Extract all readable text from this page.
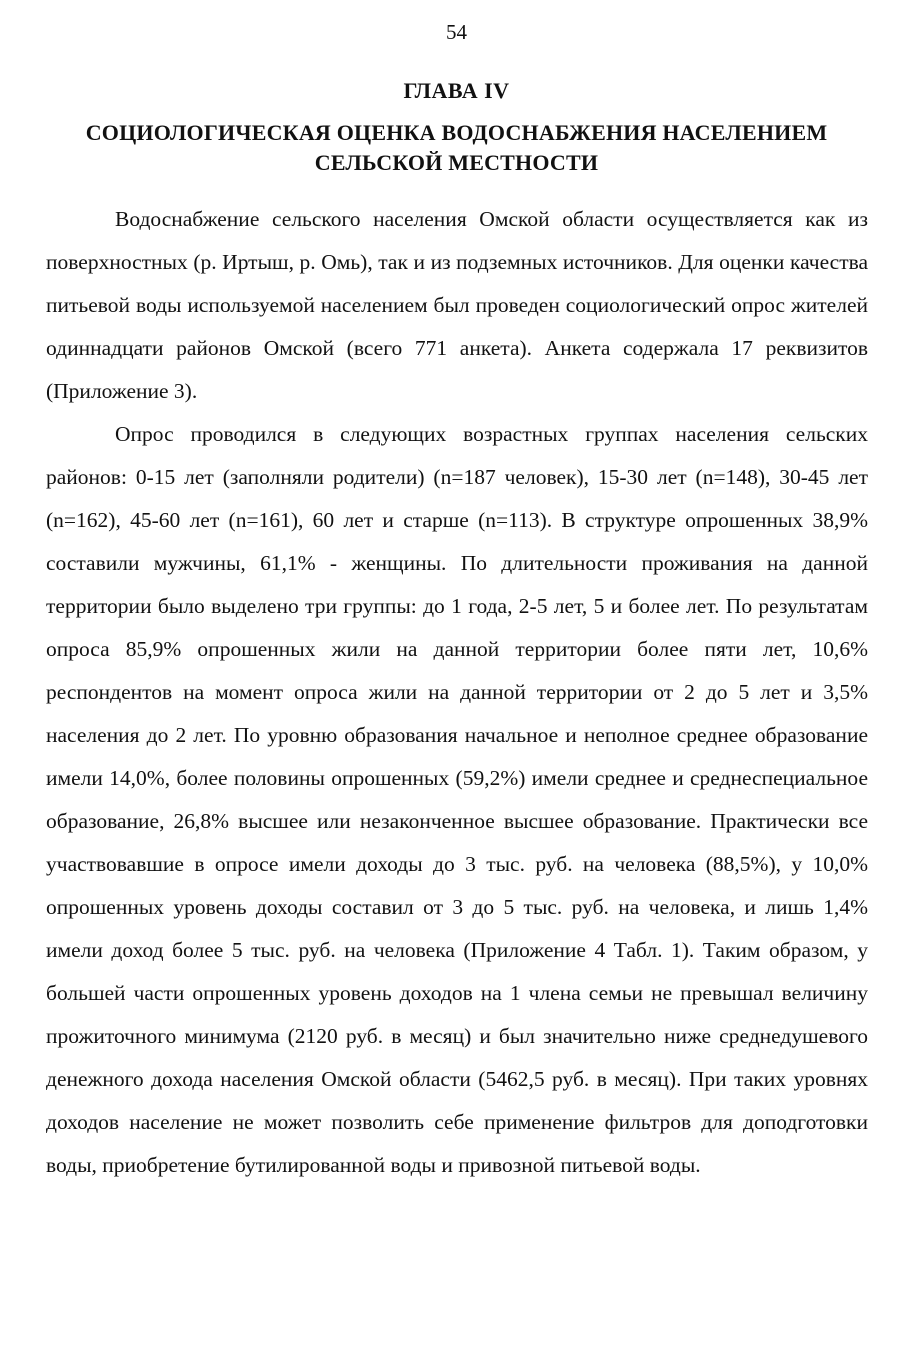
54
ГЛАВА IV
СОЦИОЛОГИЧЕСКАЯ ОЦЕНКА ВОДОСНАБЖЕНИЯ НАСЕЛЕНИЕМ
СЕЛЬСКОЙ МЕСТНОСТИ

Водоснабжение сельского населения Омской области осуществляется как из поверхностных (р. Иртыш, р. Омь), так и из подземных источников. Для оценки качества питьевой воды используемой населением был проведен социологический опрос жителей одиннадцати районов Омской (всего 771 анкета). Анкета содержала 17 реквизитов (Приложение 3).

Опрос проводился в следующих возрастных группах населения сельских районов: 0-15 лет (заполняли родители) (n=187 человек), 15-30 лет (n=148), 30-45 лет (n=162), 45-60 лет (n=161), 60 лет и старше (n=113). В структуре опрошенных 38,9% составили мужчины, 61,1% - женщины. По длительности проживания на данной территории было выделено три группы: до 1 года, 2-5 лет, 5 и более лет. По результатам опроса 85,9% опрошенных жили на данной территории более пяти лет, 10,6% респондентов на момент опроса жили на данной территории от 2 до 5 лет и 3,5% населения до 2 лет. По уровню образования начальное и неполное среднее образование имели 14,0%, более половины опрошенных (59,2%) имели среднее и среднеспециальное образование, 26,8% высшее или незаконченное высшее образование. Практически все участвовавшие в опросе имели доходы до 3 тыс. руб. на человека (88,5%), у 10,0% опрошенных уровень доходы составил от 3 до 5 тыс. руб. на человека, и лишь 1,4% имели доход более 5 тыс. руб. на человека (Приложение 4 Табл. 1). Таким образом, у большей части опрошенных уровень доходов на 1 члена семьи не превышал величину прожиточного минимума (2120 руб. в месяц) и был значительно ниже среднедушевого денежного дохода населения Омской области (5462,5 руб. в месяц). При таких уровнях доходов население не может позволить себе применение фильтров для доподготовки воды, приобретение бутилированной воды и привозной питьевой воды.
